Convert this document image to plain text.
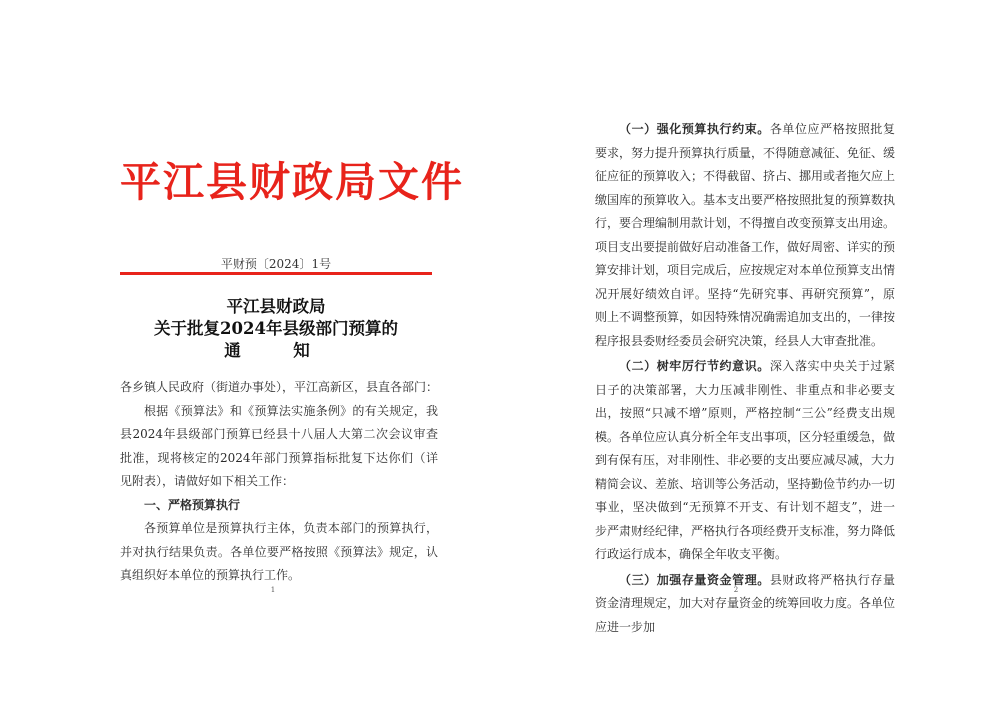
平江县财政局文件
平财预〔2024〕1号
平江县财政局
关于批复2024年县级部门预算的
通　知

各乡镇人民政府（街道办事处），平江高新区，县直各部门：

根据《预算法》和《预算法实施条例》的有关规定，我县2024年县级部门预算已经县十八届人大第二次会议审查批准，现将核定的2024年部门预算指标批复下达你们（详见附表），请做好如下相关工作：

一、严格预算执行

各预算单位是预算执行主体，负责本部门的预算执行，并对执行结果负责。各单位要严格按照《预算法》规定，认真组织好本单位的预算执行工作。

1

（一）强化预算执行约束。各单位应严格按照批复要求，努力提升预算执行质量，不得随意减征、免征、缓征应征的预算收入；不得截留、挤占、挪用或者拖欠应上缴国库的预算收入。基本支出要严格按照批复的预算数执行，要合理编制用款计划，不得擅自改变预算支出用途。项目支出要提前做好启动准备工作，做好周密、详实的预算安排计划，项目完成后，应按规定对本单位预算支出情况开展好绩效自评。坚持“先研究事、再研究预算”，原则上不调整预算，如因特殊情况确需追加支出的，一律按程序报县委财经委员会研究决策，经县人大审查批准。

（二）树牢厉行节约意识。深入落实中央关于过紧日子的决策部署，大力压减非刚性、非重点和非必要支出，按照“只减不增”原则，严格控制“三公”经费支出规模。各单位应认真分析全年支出事项，区分轻重缓急，做到有保有压，对非刚性、非必要的支出要应减尽减，大力精简会议、差旅、培训等公务活动，坚持勤俭节约办一切事业，坚决做到“无预算不开支、有计划不超支”，进一步严肃财经纪律，严格执行各项经费开支标准，努力降低行政运行成本，确保全年收支平衡。

（三）加强存量资金管理。县财政将严格执行存量资金清理规定，加大对存量资金的统筹回收力度。各单位应进一步加

2
